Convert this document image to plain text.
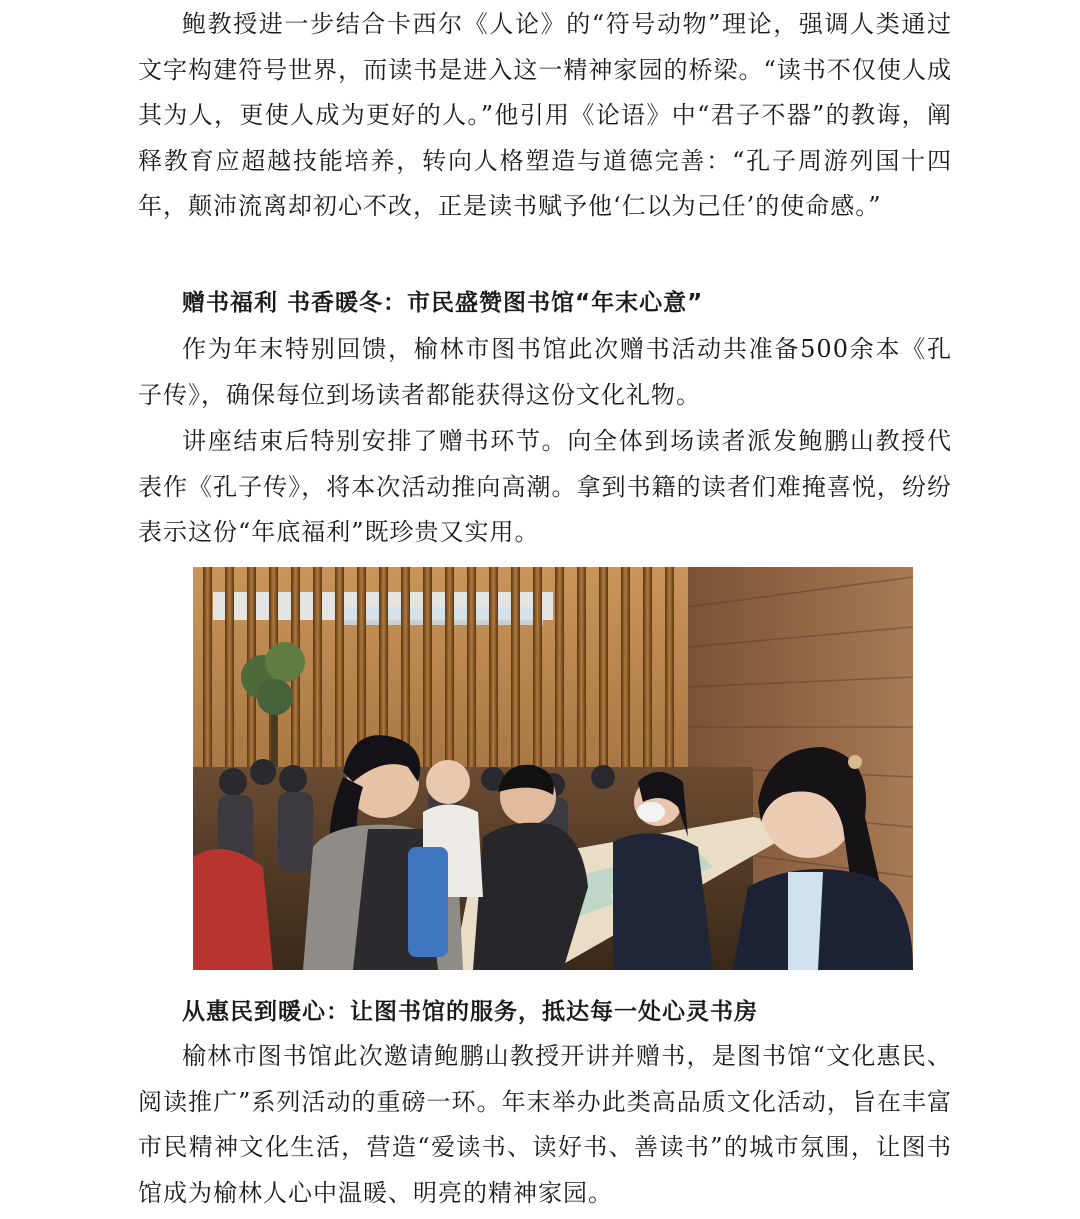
鲍教授进一步结合卡西尔《人论》的“符号动物”理论，强调人类通过文字构建符号世界，而读书是进入这一精神家园的桥梁。“读书不仅使人成其为人，更使人成为更好的人。”他引用《论语》中“君子不器”的教诲，阐释教育应超越技能培养，转向人格塑造与道德完善：“孔子周游列国十四年，颠沛流离却初心不改，正是读书赋予他‘仁以为己任’的使命感。”

赠书福利 书香暖冬：市民盛赞图书馆“年末心意”

作为年末特别回馈，榆林市图书馆此次赠书活动共准备500余本《孔子传》，确保每位到场读者都能获得这份文化礼物。

讲座结束后特别安排了赠书环节。向全体到场读者派发鲍鹏山教授代表作《孔子传》，将本次活动推向高潮。拿到书籍的读者们难掩喜悦，纷纷表示这份“年底福利”既珍贵又实用。

从惠民到暖心：让图书馆的服务，抵达每一处心灵书房

榆林市图书馆此次邀请鲍鹏山教授开讲并赠书，是图书馆“文化惠民、阅读推广”系列活动的重磅一环。年末举办此类高品质文化活动，旨在丰富市民精神文化生活，营造“爱读书、读好书、善读书”的城市氛围，让图书馆成为榆林人心中温暖、明亮的精神家园。
